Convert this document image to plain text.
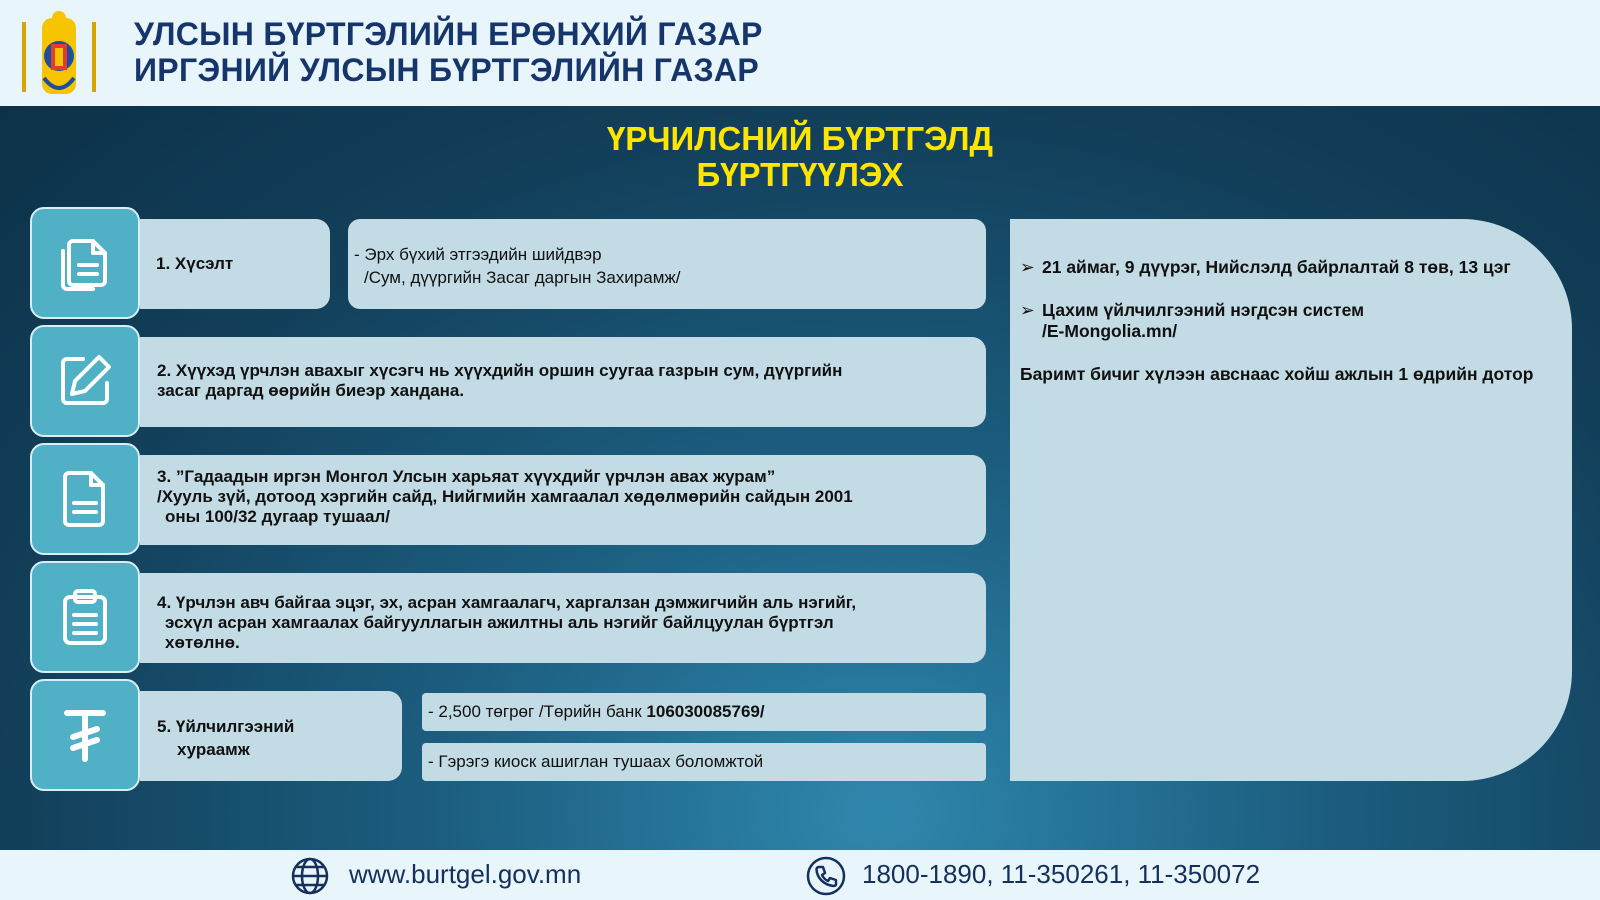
УЛСЫН БҮРТГЭЛИЙН ЕРӨНХИЙ ГАЗАР
ИРГЭНИЙ УЛСЫН БҮРТГЭЛИЙН ГАЗАР
ҮРЧИЛСНИЙ БҮРТГЭЛД
БҮРТГҮҮЛЭХ
1. Хүсэлт	- Эрх бүхий этгээдийн шийдвэр
/Сум, дүүргийн Засаг даргын Захирамж/
2. Хүүхэд үрчлэн авахыг хүсэгч нь хүүхдийн оршин суугаа газрын сум, дүүргийн
засаг даргад өөрийн биеэр хандана.
3. ”Гадаадын иргэн Монгол Улсын харьяат хүүхдийг үрчлэн авах журам”
/Хууль зүй, дотоод хэргийн сайд, Нийгмийн хамгаалал хөдөлмөрийн сайдын 2001
оны 100/32 дугаар тушаал/
4. Үрчлэн авч байгаа эцэг, эх, асран хамгаалагч, харгалзан дэмжигчийн аль нэгийг,
эсхүл асран хамгаалах байгууллагын ажилтны аль нэгийг байлцуулан бүртгэл
хөтөлнө.
5. Үйлчилгээний
хураамж
- 2,500 төгрөг /Төрийн банк 106030085769/
- Гэрэгэ киоск ашиглан тушаах боломжтой
➢ 21 аймаг, 9 дүүрэг, Нийслэлд байрлалтай 8 төв, 13 цэг
➢ Цахим үйлчилгээний нэгдсэн систем
/E-Mongolia.mn/
Баримт бичиг хүлээн авснаас хойш ажлын 1 өдрийн дотор
www.burtgel.gov.mn	1800-1890, 11-350261, 11-350072
